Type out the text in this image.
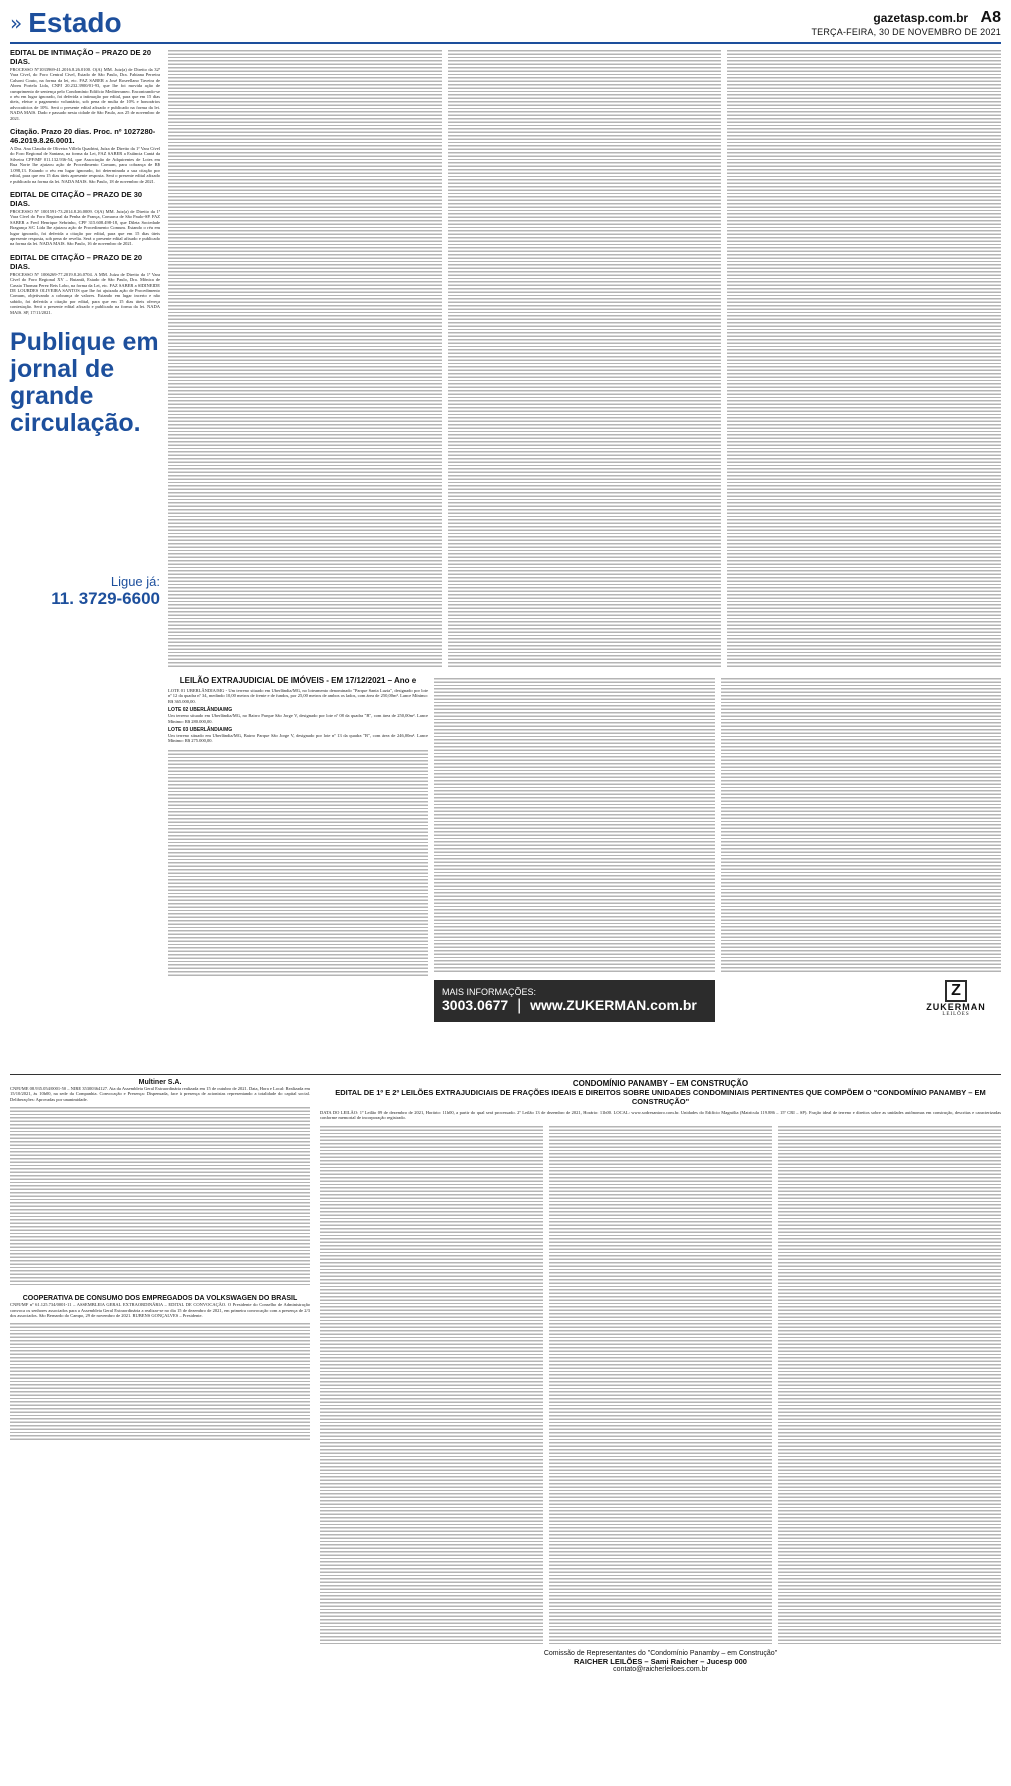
» Estado	gazetasp.com.br A8
TERÇA-FEIRA, 30 DE NOVEMBRO DE 2021
EDITAL DE INTIMAÇÃO – PRAZO DE 20 DIAS.

PROCESSO Nº1033969-41.2016.8.26.0100. O(A) MM. Juiz(a) de Direito da 32ª Vara Cível, do Foro Central Cível, Estado de São Paulo, Dra. Fabiana Perreira Calsoni Couto, na forma da lei, etc. FAZ SABER a José Roseellano Taveira de Abreu Portela Ltda, CNPJ 20.232.3900/01-93, que lhe foi movida ação de cumprimento de sentença pelo Condomínio Edifício Mediterraneo. Encontrando-se o réu em lugar ignorado, foi deferida a intimação por edital, para que em 15 dias úteis, efetue o pagamento voluntário, sob pena de multa de 10% e honorários advocatícios de 10%. Será o presente edital afixado e publicado na forma da lei. NADA MAIS. Dado e passado nesta cidade de São Paulo, aos 25 de novembro de 2021.

Citação. Prazo 20 dias. Proc. nº 1027280-46.2019.8.26.0001.

A Dra. Ana Claudia de Oliveira Villela Quadrini, Juíza de Direito da 1ª Vara Cível do Foro Regional de Santana, na forma da Lei, FAZ SABER a Estância Cantá da Silveira CPF/MF 011.132.936-54, que Associação de Adquirentes de Lotes em Rua Norte lhe ajuizou ação de Procedimento Comum, para cobrança de R$ 1.098,13. Estando o réu em lugar ignorado, foi determinada a sua citação por edital, para que em 15 dias úteis apresente resposta. Será o presente edital afixado e publicado na forma da lei. NADA MAIS. São Paulo, 18 de novembro de 2021.

EDITAL DE CITAÇÃO – PRAZO DE 30 DIAS.

PROCESSO Nº 1001591-73.2014.8.26.0009. O(A) MM. Juiz(a) de Direito da 1ª Vara Cível do Foro Regional da Penha de França, Comarca de São Paulo-SP. FAZ SABER a Fred Henrique Sebrinho, CPF 315.608.498-18, que Dileta Sociedade Bragança S/C Ltda lhe ajuizou ação de Procedimento Comum. Estando o réu em lugar ignorado, foi deferida a citação por edital, para que em 15 dias úteis apresente resposta, sob pena de revelia. Será o presente edital afixado e publicado na forma da lei. NADA MAIS. São Paulo, 16 de novembro de 2021.

EDITAL DE CITAÇÃO – PRAZO DE 20 DIAS.

PROCESSO Nº 1006269-77.2019.8.26.0704. A MM. Juíza de Direito da 1ª Vara Cível do Foro Regional XV – Butantã, Estado de São Paulo, Dra. Mônica de Cassia Thomaz Perez Reis Lobo, na forma da Lei, etc. FAZ SABER a SIDINEIDE DE LOURDES OLIVEIRA SANTOS que lhe foi ajuizada ação de Procedimento Comum, objetivando a cobrança de valores. Estando em lugar incerto e não sabido, foi deferida a citação por edital, para que em 15 dias úteis ofereça contestação. Será o presente edital afixado e publicado na forma da lei. NADA MAIS. SP, 17/11/2021.

Publique em jornal de grande circulação.
Ligue já:
11. 3729-6600
LEILÃO EXTRAJUDICIAL DE IMÓVEIS - EM 17/12/2021 – Ano e

LOTE 01 UBERLÂNDIA/MG - Um terreno situado em Uberlândia/MG, no loteamento denominado "Parque Santa Luzia", designado por lote nº 12 da quadra nº 34, medindo 10,00 metros de frente e de fundos, por 25,00 metros de ambos os lados, com área de 250,00m². Lance Mínimo: R$ 365.000,00.

LOTE 02 UBERLÂNDIA/MG

Um terreno situado em Uberlândia/MG, no Bairro Parque São Jorge V, designado por lote nº 08 da quadra "B", com área de 250,00m². Lance Mínimo: R$ 280.000,00.

LOTE 03 UBERLÂNDIA/MG

Um terreno situado em Uberlândia/MG, Bairro Parque São Jorge V, designado por lote nº 13 da quadra "B", com área de 246,00m². Lance Mínimo: R$ 275.000,00.

MAIS INFORMAÇÕES:
3003.0677  |  www.ZUKERMAN.com.br
Z
ZUKERMAN
LEILÕES
Multiner S.A.

CNPJ/ME 08.935.054/0001-50 – NIRE 35300364127. Ata da Assembleia Geral Extraordinária realizada em 15 de outubro de 2021. Data, Hora e Local: Realizada em 15/10/2021, às 10h00, na sede da Companhia. Convocação e Presença: Dispensada, face à presença de acionistas representando a totalidade do capital social. Deliberações: Aprovadas por unanimidade.

COOPERATIVA DE CONSUMO DOS EMPREGADOS DA VOLKSWAGEN DO BRASIL

CNPJ/MF nº 61.125.734/0001-11 – ASSEMBLEIA GERAL EXTRAORDINÁRIA – EDITAL DE CONVOCAÇÃO. O Presidente do Conselho de Administração convoca os senhores associados para a Assembleia Geral Extraordinária a realizar-se no dia 15 de dezembro de 2021, em primeira convocação com a presença de 2/3 dos associados. São Bernardo do Campo, 29 de novembro de 2021. RUBENS GONÇALVES – Presidente.

CONDOMÍNIO PANAMBY – EM CONSTRUÇÃO
EDITAL DE 1º E 2º LEILÕES EXTRAJUDICIAIS DE FRAÇÕES IDEAIS E DIREITOS SOBRE UNIDADES CONDOMINIAIS PERTINENTES QUE COMPÕEM O "CONDOMÍNIO PANAMBY – EM CONSTRUÇÃO"

DATA DO LEILÃO: 1º Leilão 09 de dezembro de 2021, Horário: 11h00, a partir do qual será processado. 2º Leilão 13 de dezembro de 2021, Horário: 11h00. LOCAL: www.sodresantoro.com.br. Unidades do Edifício Magnólia (Matrícula 119.886 – 15º CRI – SP). Fração ideal de terreno e direitos sobre as unidades autônomas em construção, descritas e caracterizadas conforme memorial de incorporação registrado.

Comissão de Representantes do "Condomínio Panamby – em Construção"
RAICHER LEILÕES – Sami Raicher – Jucesp 000
contato@raicherleiloes.com.br
